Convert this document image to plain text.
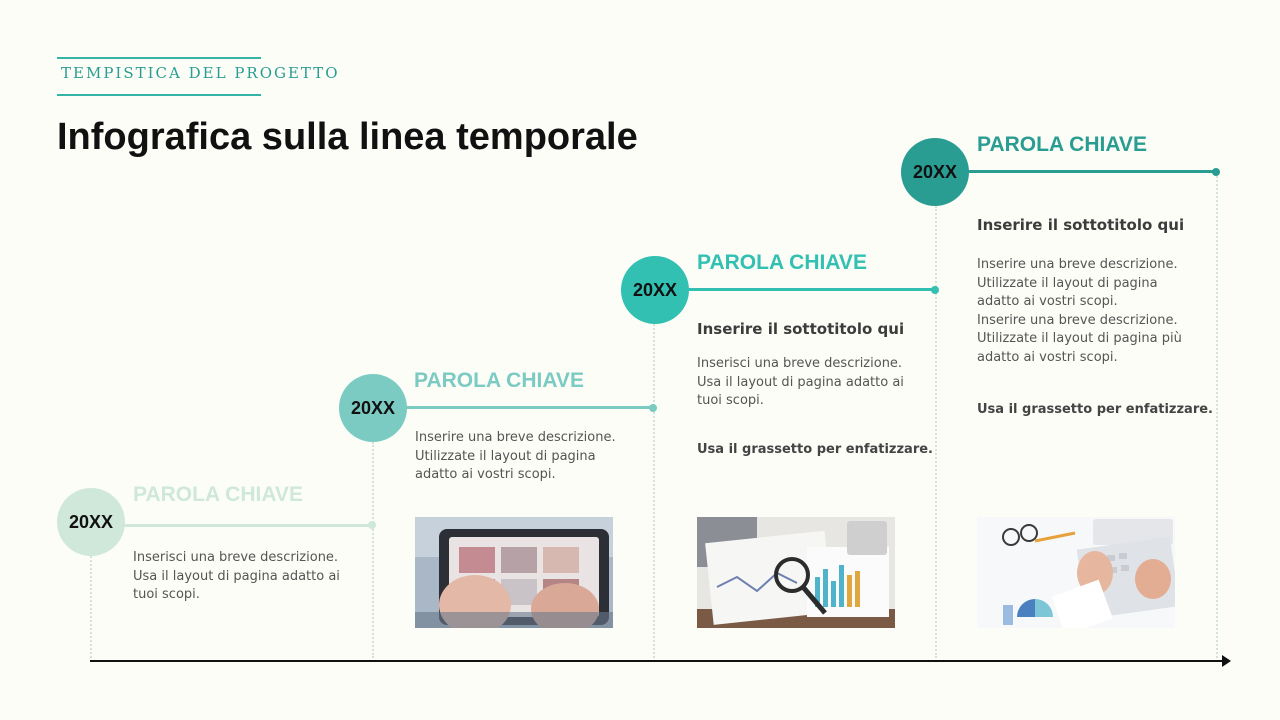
TEMPISTICA DEL PROGETTO
Infografica sulla linea temporale
20XX
PAROLA CHIAVE
Inserisci una breve descrizione.
Usa il layout di pagina adatto ai
tuoi scopi.
20XX
PAROLA CHIAVE
Inserire una breve descrizione.
Utilizzate il layout di pagina
adatto ai vostri scopi.
20XX
PAROLA CHIAVE
Inserire il sottotitolo qui
Inserisci una breve descrizione.
Usa il layout di pagina adatto ai
tuoi scopi.
Usa il grassetto per enfatizzare.
20XX
PAROLA CHIAVE
Inserire il sottotitolo qui
Inserire una breve descrizione.
Utilizzate il layout di pagina
adatto ai vostri scopi.
Inserire una breve descrizione.
Utilizzate il layout di pagina più
adatto ai vostri scopi.
Usa il grassetto per enfatizzare.
